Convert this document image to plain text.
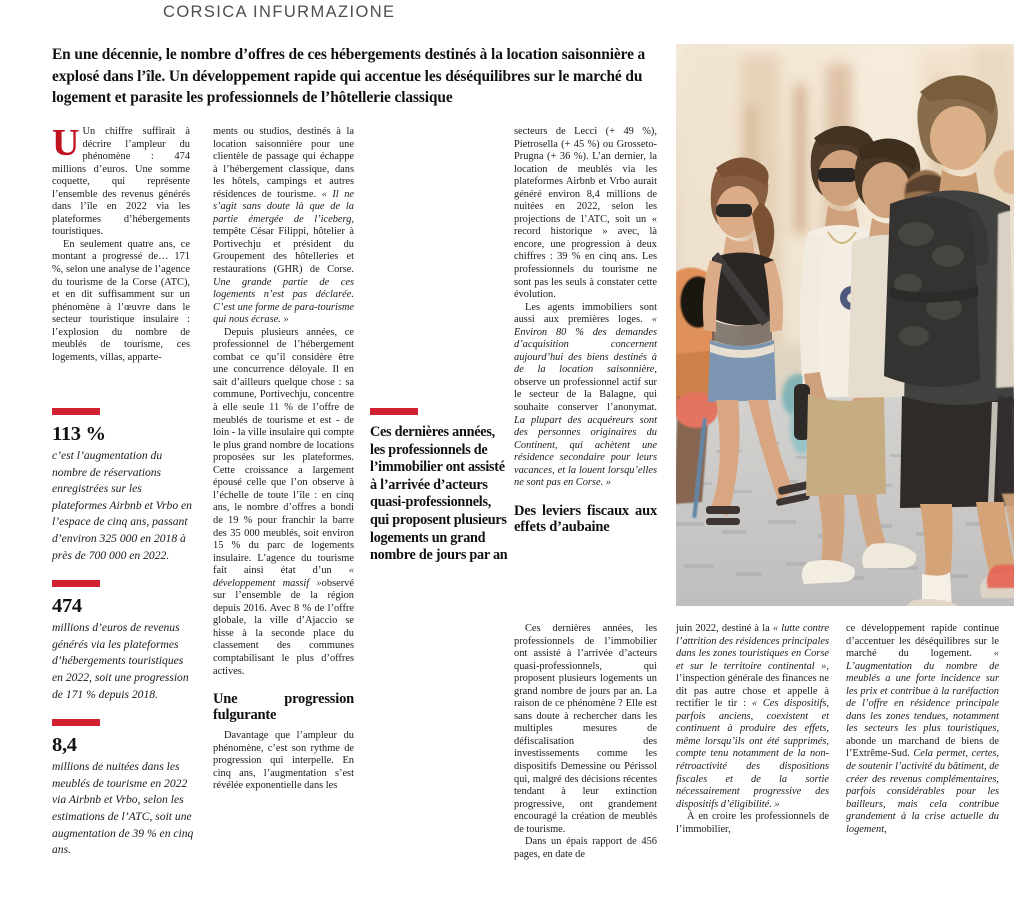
CORSICA INFURMAZIONE
En une décennie, le nombre d’offres de ces hébergements destinés à la location saisonnière a explosé dans l’île. Un développement rapide qui accentue les déséquilibres sur le marché du logement et parasite les professionnels de l’hôtellerie classique

U Un chiffre suffirait à décrire l’ampleur du phénomène : 474 millions d’euros. Une somme coquette, qui représente l’ensemble des revenus générés dans l’île en 2022 via les plateformes d’hébergements touristiques.

En seulement quatre ans, ce montant a progressé de… 171 %, selon une analyse de l’agence du tourisme de la Corse (ATC), et en dit suffisamment sur un phénomène à l’œuvre dans le secteur touristique insulaire : l’explosion du nombre de meublés de tourisme, ces logements, villas, apparte-

113 %
c’est l’augmentation du nombre de réservations enregistrées sur les plateformes Airbnb et Vrbo en l’espace de cinq ans, passant d’environ 325 000 en 2018 à près de 700 000 en 2022.
474
millions d’euros de revenus générés via les plateformes d’hébergements touristiques en 2022, soit une progression de 171 % depuis 2018.
8,4
millions de nuitées dans les meublés de tourisme en 2022 via Airbnb et Vrbo, selon les estimations de l’ATC, soit une augmentation de 39 % en cinq ans.

ments ou studios, destinés à la location saisonnière pour une clientèle de passage qui échappe à l’hébergement classique, dans les hôtels, campings et autres résidences de tourisme. « Il ne s’agit sans doute là que de la partie émergée de l’iceberg, tempête César Filippi, hôtelier à Portivechju et président du Groupement des hôtelleries et restaurations (GHR) de Corse. Une grande partie de ces logements n’est pas déclarée. C’est une forme de para-tourisme qui nous écrase. »

Depuis plusieurs années, ce professionnel de l’hébergement combat ce qu’il considère être une concurrence déloyale. Il en sait d’ailleurs quelque chose : sa commune, Portivechju, concentre à elle seule 11 % de l’offre de meublés de tourisme et est - de loin - la ville insulaire qui compte le plus grand nombre de locations proposées sur les plateformes. Cette croissance a largement épousé celle que l’on observe à l’échelle de toute l’île : en cinq ans, le nombre d’offres a bondi de 19 % pour franchir la barre des 35 000 meublés, soit environ 15 % du parc de logements insulaire. L’agence du tourisme fait ainsi état d’un « développement massif »observé sur l’ensemble de la région depuis 2016. Avec 8 % de l’offre globale, la ville d’Ajaccio se hisse à la seconde place du classement des communes comptabilisant le plus d’offres actives.

Une progression fulgurante

Davantage que l’ampleur du phénomène, c’est son rythme de progression qui interpelle. En cinq ans, l’augmentation s’est révélée exponentielle dans les

Ces dernières années, les professionnels de l’immobilier ont assisté à l’arrivée d’acteurs quasi-professionnels, qui proposent plusieurs logements un grand nombre de jours par an

secteurs de Lecci (+ 49 %), Pietrosella (+ 45 %) ou Grosseto-Prugna (+ 36 %). L’an dernier, la location de meublés via les plateformes Airbnb et Vrbo aurait généré environ 8,4 millions de nuitées en 2022, selon les projections de l’ATC, soit un « record historique » avec, là encore, une progression à deux chiffres : 39 % en cinq ans. Les professionnels du tourisme ne sont pas les seuls à constater cette évolution.

Les agents immobiliers sont aussi aux premières loges. « Environ 80 % des demandes d’acquisition concernent aujourd’hui des biens destinés à de la location saisonnière, observe un professionnel actif sur le secteur de la Balagne, qui souhaite conserver l’anonymat. La plupart des acquéreurs sont des personnes originaires du Continent, qui achètent une résidence secondaire pour leurs vacances, et la louent lorsqu’elles ne sont pas en Corse. »

Des leviers fiscaux aux effets d’aubaine

Ces dernières années, les professionnels de l’immobilier ont assisté à l’arrivée d’acteurs quasi-professionnels, qui proposent plusieurs logements un grand nombre de jours par an. La raison de ce phénomène ? Elle est sans doute à rechercher dans les multiples mesures de défiscalisation des investissements comme les dispositifs Demessine ou Périssol qui, malgré des décisions récentes tendant à leur extinction progressive, ont grandement encouragé la création de meublés de tourisme.

Dans un épais rapport de 456 pages, en date de

juin 2022, destiné à la « lutte contre l’attrition des résidences principales dans les zones touristiques en Corse et sur le territoire continental », l’inspection générale des finances ne dit pas autre chose et appelle à rectifier le tir : « Ces dispositifs, parfois anciens, coexistent et continuent à produire des effets, même lorsqu’ils ont été supprimés, compte tenu notamment de la non-rétroactivité des dispositions fiscales et de la sortie nécessairement progressive des dispositifs d’éligibilité. »

À en croire les professionnels de l’immobilier,

ce développement rapide continue d’accentuer les déséquilibres sur le marché du logement. « L’augmentation du nombre de meublés a une forte incidence sur les prix et contribue à la raréfaction de l’offre en résidence principale dans les zones tendues, notamment les secteurs les plus touristiques, abonde un marchand de biens de l’Extrême-Sud. Cela permet, certes, de soutenir l’activité du bâtiment, de créer des revenus complémentaires, parfois considérables pour les bailleurs, mais cela contribue grandement à la crise actuelle du logement,
